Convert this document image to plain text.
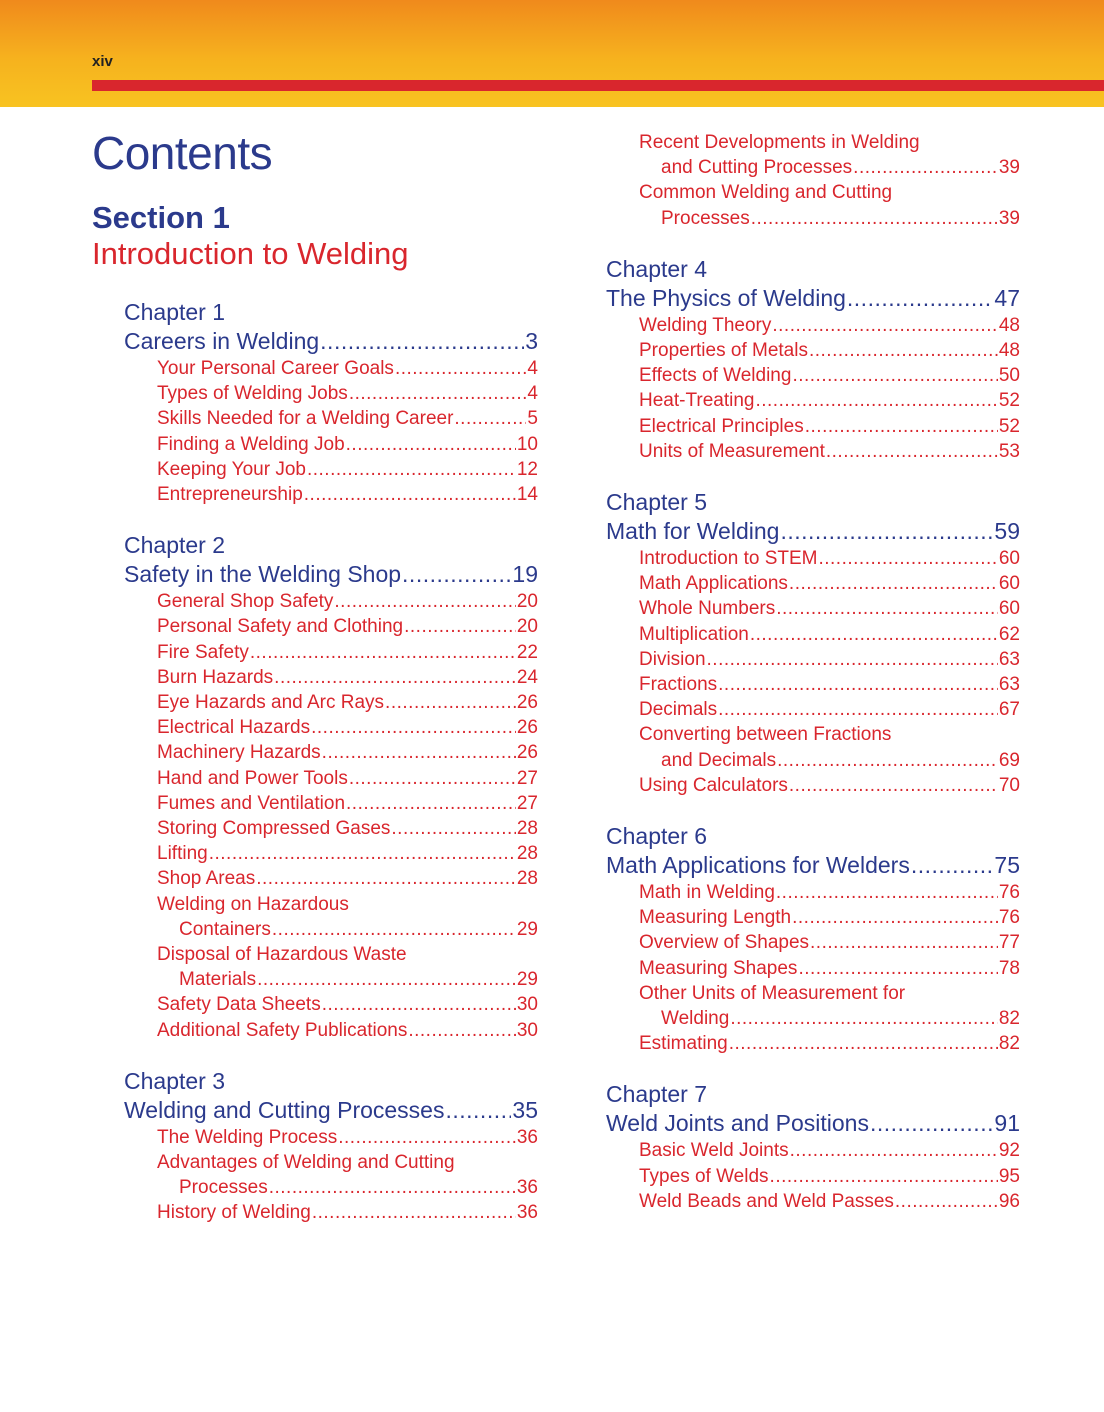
xiv
Contents
Section 1
Introduction to Welding
Chapter 1
Careers in Welding .....	3
Your Personal Career Goals .....	4
Types of Welding Jobs .....	4
Skills Needed for a Welding Career .....	5
Finding a Welding Job .....	10
Keeping Your Job .....	12
Entrepreneurship .....	14
Chapter 2
Safety in the Welding Shop .....	19
General Shop Safety .....	20
Personal Safety and Clothing .....	20
Fire Safety .....	22
Burn Hazards .....	24
Eye Hazards and Arc Rays .....	26
Electrical Hazards .....	26
Machinery Hazards .....	26
Hand and Power Tools .....	27
Fumes and Ventilation .....	27
Storing Compressed Gases .....	28
Lifting .....	28
Shop Areas .....	28
Welding on Hazardous
Containers .....	29
Disposal of Hazardous Waste
Materials .....	29
Safety Data Sheets .....	30
Additional Safety Publications .....	30
Chapter 3
Welding and Cutting Processes .....	35
The Welding Process .....	36
Advantages of Welding and Cutting
Processes .....	36
History of Welding .....	36
Recent Developments in Welding
and Cutting Processes .....	39
Common Welding and Cutting
Processes .....	39
Chapter 4
The Physics of Welding .....	47
Welding Theory .....	48
Properties of Metals .....	48
Effects of Welding .....	50
Heat-Treating .....	52
Electrical Principles .....	52
Units of Measurement .....	53
Chapter 5
Math for Welding .....	59
Introduction to STEM .....	60
Math Applications .....	60
Whole Numbers .....	60
Multiplication .....	62
Division .....	63
Fractions .....	63
Decimals .....	67
Converting between Fractions
and Decimals .....	69
Using Calculators .....	70
Chapter 6
Math Applications for Welders .....	75
Math in Welding .....	76
Measuring Length .....	76
Overview of Shapes .....	77
Measuring Shapes .....	78
Other Units of Measurement for
Welding .....	82
Estimating .....	82
Chapter 7
Weld Joints and Positions .....	91
Basic Weld Joints .....	92
Types of Welds .....	95
Weld Beads and Weld Passes .....	96
